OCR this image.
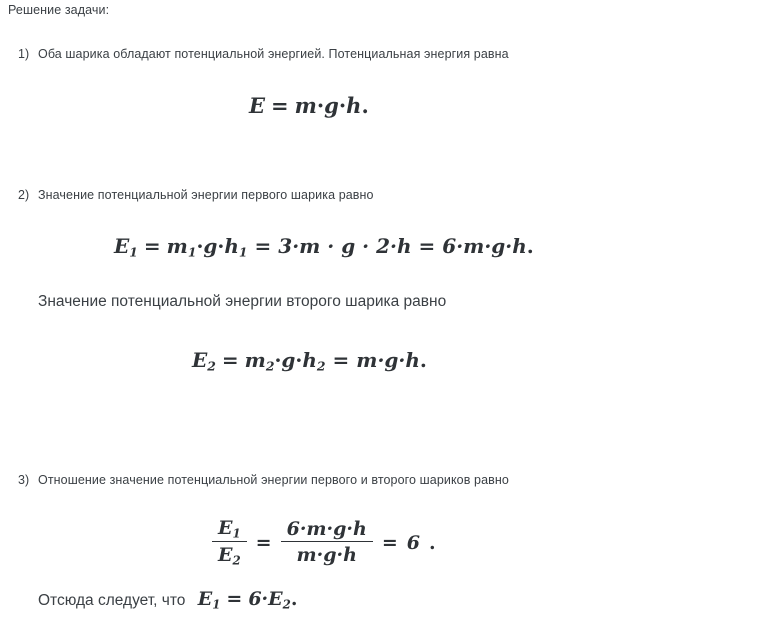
Решение задачи:
1) Оба шарика обладают потенциальной энергией. Потенциальная энергия равна
E = m·g·h.
2) Значение потенциальной энергии первого шарика равно
$E_1 = m_1\cdot g\cdot h_1 = 3\cdot m \cdot g \cdot 2\cdot h = 6\cdot m\cdot g\cdot h$.
Значение потенциальной энергии второго шарика равно
$E_2 = m_2\cdot g\cdot h_2 = m\cdot g\cdot h$.
3) Отношение значение потенциальной энергии первого и второго шариков равно
$\frac{E_1}{E_2} = \frac{6\cdot m\cdot g\cdot h}{m\cdot g\cdot h} = 6$ .
Отсюда следует, что $E_1 = 6\cdot E_2$.
